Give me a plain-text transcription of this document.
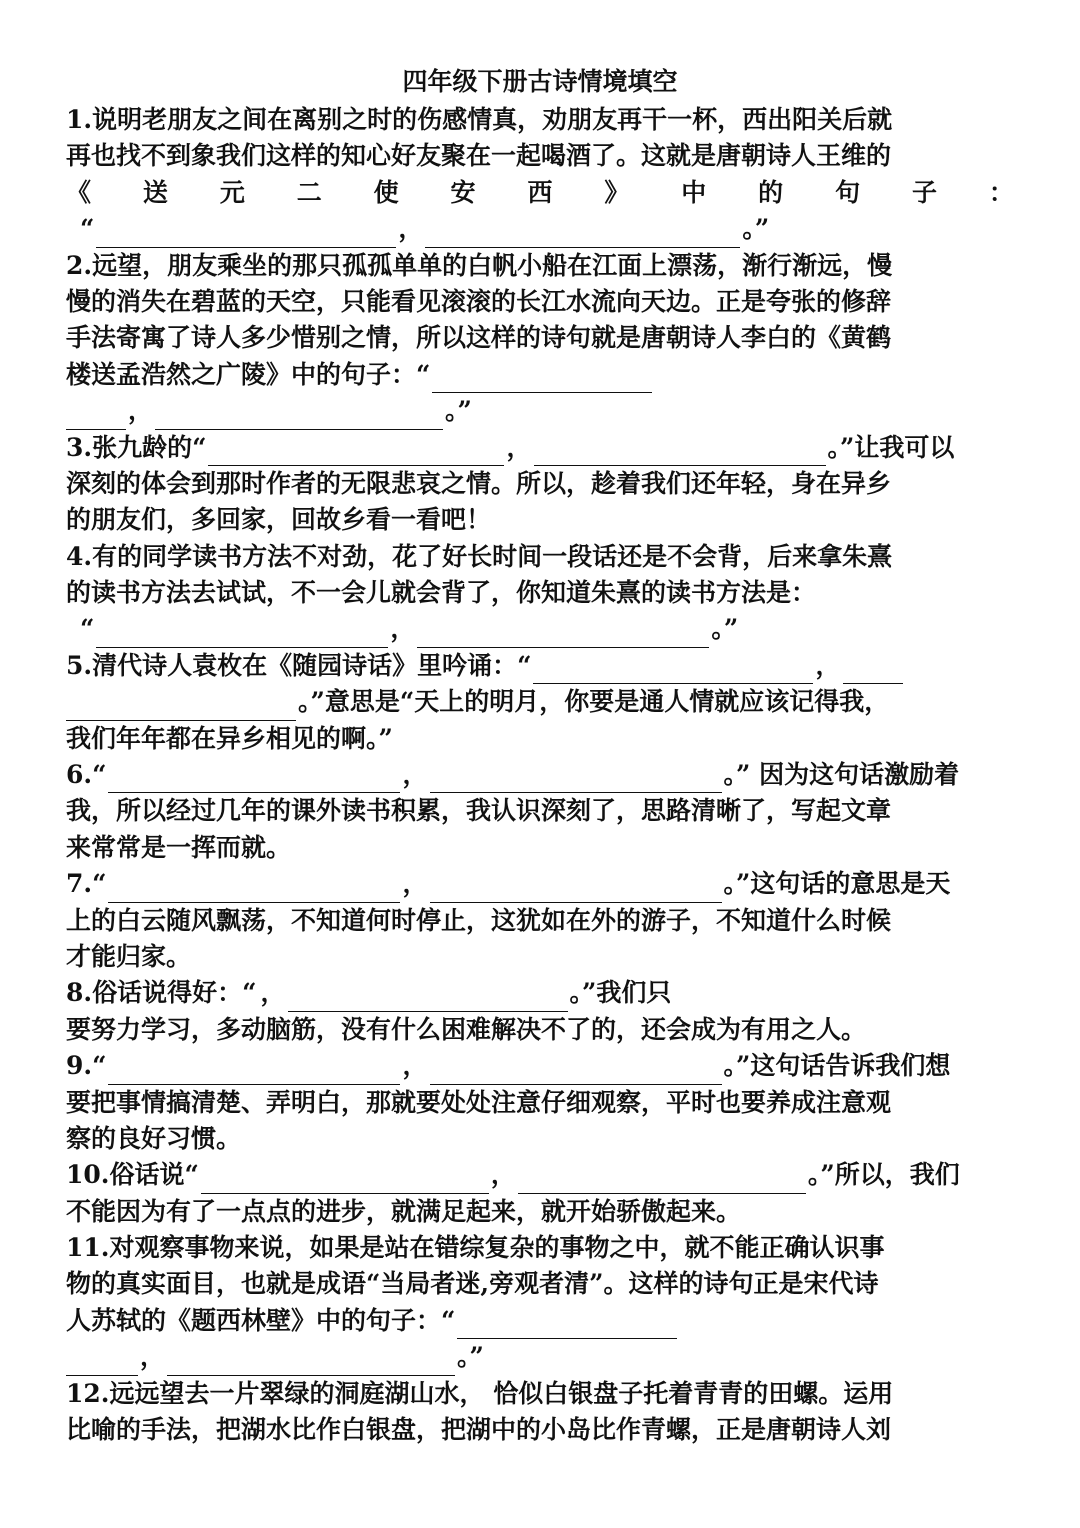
四年级下册古诗情境填空
1.说明老朋友之间在离别之时的伤感情真，劝朋友再干一杯，西出阳关后就
再也找不到象我们这样的知心好友聚在一起喝酒了。这就是唐朝诗人王维的
《 送 元 二 使 安 西 》 中 的 句 子 ：
“	，	。”
2.远望，朋友乘坐的那只孤孤单单的白帆小船在江面上漂荡，渐行渐远，慢
慢的消失在碧蓝的天空，只能看见滚滚的长江水流向天边。正是夸张的修辞
手法寄寓了诗人多少惜别之情，所以这样的诗句就是唐朝诗人李白的《黄鹤
楼送孟浩然之广陵》中的句子：“
，	。”
3.张九龄的“	，	。”让我可以
深刻的体会到那时作者的无限悲哀之情。所以，趁着我们还年轻，身在异乡
的朋友们，多回家，回故乡看一看吧！
4.有的同学读书方法不对劲，花了好长时间一段话还是不会背，后来拿朱熹
的读书方法去试试，不一会儿就会背了，你知道朱熹的读书方法是：
“	，	。”
5.清代诗人袁枚在《随园诗话》里吟诵：“	，
。”意思是“天上的明月，你要是通人情就应该记得我，
我们年年都在异乡相见的啊。”
6.“	，	。” 因为这句话激励着
我，所以经过几年的课外读书积累，我认识深刻了，思路清晰了，写起文章
来常常是一挥而就。
7.“	，	。”这句话的意思是天
上的白云随风飘荡，不知道何时停止，这犹如在外的游子，不知道什么时候
才能归家。
8.俗话说得好：“ ，	。”我们只
要努力学习，多动脑筋，没有什么困难解决不了的，还会成为有用之人。
9.“	，	。”这句话告诉我们想
要把事情搞清楚、弄明白，那就要处处注意仔细观察，平时也要养成注意观
察的良好习惯。
10.俗话说“	，	。”所以，我们
不能因为有了一点点的进步，就满足起来，就开始骄傲起来。
11.对观察事物来说，如果是站在错综复杂的事物之中，就不能正确认识事
物的真实面目，也就是成语“当局者迷,旁观者清”。这样的诗句正是宋代诗
人苏轼的《题西林壁》中的句子：“
，	。”
12.远远望去一片翠绿的洞庭湖山水， 恰似白银盘子托着青青的田螺。运用
比喻的手法，把湖水比作白银盘，把湖中的小岛比作青螺，正是唐朝诗人刘
